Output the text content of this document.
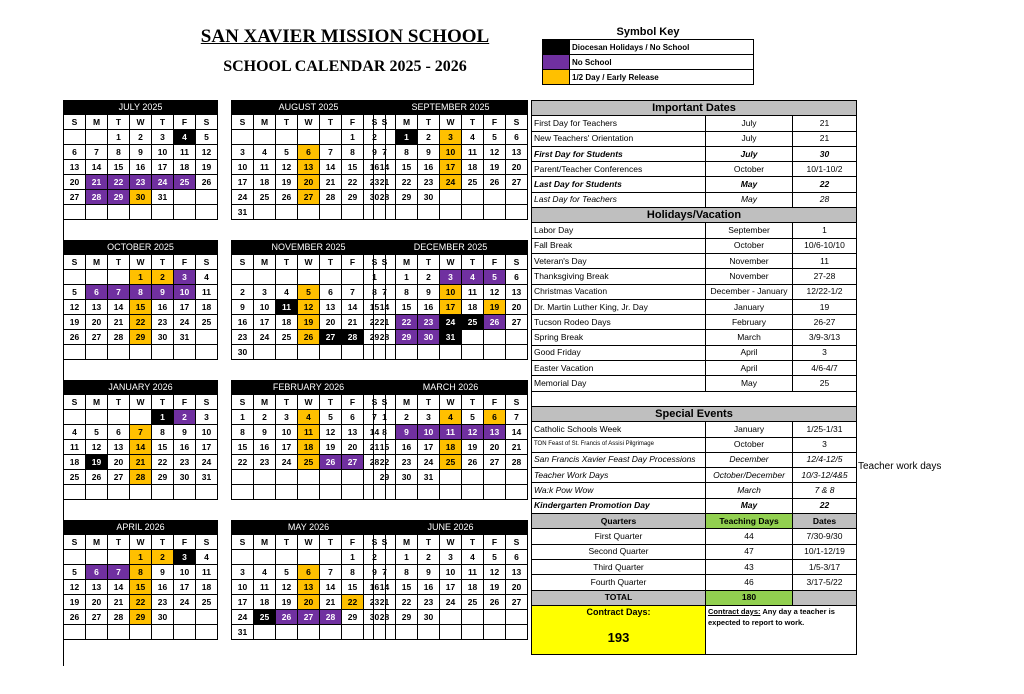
SAN XAVIER MISSION SCHOOL
SCHOOL CALENDAR 2025 - 2026
Symbol Key
	Diocesan Holidays / No School
	No School
	1/2 Day / Early Release
JULY 2025
S	M	T	W	T	F	S
		1	2	3	4	5
6	7	8	9	10	11	12
13	14	15	16	17	18	19
20	21	22	23	24	25	26
27	28	29	30	31		

AUGUST 2025
S	M	T	W	T	F	S
					1	2
3	4	5	6	7	8	9
10	11	12	13	14	15	16
17	18	19	20	21	22	23
24	25	26	27	28	29	30
31						
SEPTEMBER 2025
S	M	T	W	T	F	S
	1	2	3	4	5	6
7	8	9	10	11	12	13
14	15	16	17	18	19	20
21	22	23	24	25	26	27
28	29	30				

OCTOBER 2025
S	M	T	W	T	F	S
			1	2	3	4
5	6	7	8	9	10	11
12	13	14	15	16	17	18
19	20	21	22	23	24	25
26	27	28	29	30	31	

NOVEMBER 2025
S	M	T	W	T	F	S
						1
2	3	4	5	6	7	8
9	10	11	12	13	14	15
16	17	18	19	20	21	22
23	24	25	26	27	28	29
30						
DECEMBER 2025
S	M	T	W	T	F	S
	1	2	3	4	5	6
7	8	9	10	11	12	13
14	15	16	17	18	19	20
21	22	23	24	25	26	27
28	29	30	31			

JANUARY 2026
S	M	T	W	T	F	S
				1	2	3
4	5	6	7	8	9	10
11	12	13	14	15	16	17
18	19	20	21	22	23	24
25	26	27	28	29	30	31

FEBRUARY 2026
S	M	T	W	T	F	S
1	2	3	4	5	6	7
8	9	10	11	12	13	14
15	16	17	18	19	20	21
22	23	24	25	26	27	28

MARCH 2026
S	M	T	W	T	F	S
1	2	3	4	5	6	7
8	9	10	11	12	13	14
15	16	17	18	19	20	21
22	23	24	25	26	27	28
29	30	31				

APRIL 2026
S	M	T	W	T	F	S
			1	2	3	4
5	6	7	8	9	10	11
12	13	14	15	16	17	18
19	20	21	22	23	24	25
26	27	28	29	30		

MAY 2026
S	M	T	W	T	F	S
					1	2
3	4	5	6	7	8	9
10	11	12	13	14	15	16
17	18	19	20	21	22	23
24	25	26	27	28	29	30
31						
JUNE 2026
S	M	T	W	T	F	S
	1	2	3	4	5	6
7	8	9	10	11	12	13
14	15	16	17	18	19	20
21	22	23	24	25	26	27
28	29	30				

Important Dates			
First Day for Teachers	July	21	
New Teachers' Orientation	July	21	
First Day for Students	July	30	
Parent/Teacher Conferences	October	10/1-10/2	
Last Day for Students	May	22	
Last Day for Teachers	May	28	
Holidays/Vacation			
Labor Day	September	1	
Fall Break	October	10/6-10/10	
Veteran's Day	November	11	
Thanksgiving Break	November	27-28	
Christmas Vacation	December - January	12/22-1/2	
Dr. Martin Luther King, Jr. Day	January	19	
Tucson Rodeo Days	February	26-27	
Spring Break	March	3/9-3/13	
Good Friday	April	3	
Easter Vacation	April	4/6-4/7	
Memorial Day	May	25	

Special Events			
Catholic Schools Week	January	1/25-1/31	
TON Feast of St. Francis of Assisi Pilgrimage	October	3	
San Francis Xavier Feast Day Processions	December	12/4-12/5	
Teacher Work Days	October/December	10/3-12/4&5	
Wa:k Pow Wow	March	7 & 8	
Kindergarten Promotion Day	May	22	
Quarters	Teaching Days	Dates	
First Quarter	44	7/30-9/30	
Second Quarter	47	10/1-12/19	
Third Quarter	43	1/5-3/17	
Fourth Quarter	46	3/17-5/22	
TOTAL	180		

Contract Days:
193	Contract days: Any day a teacher is expected to report to work.		

Teacher work days
